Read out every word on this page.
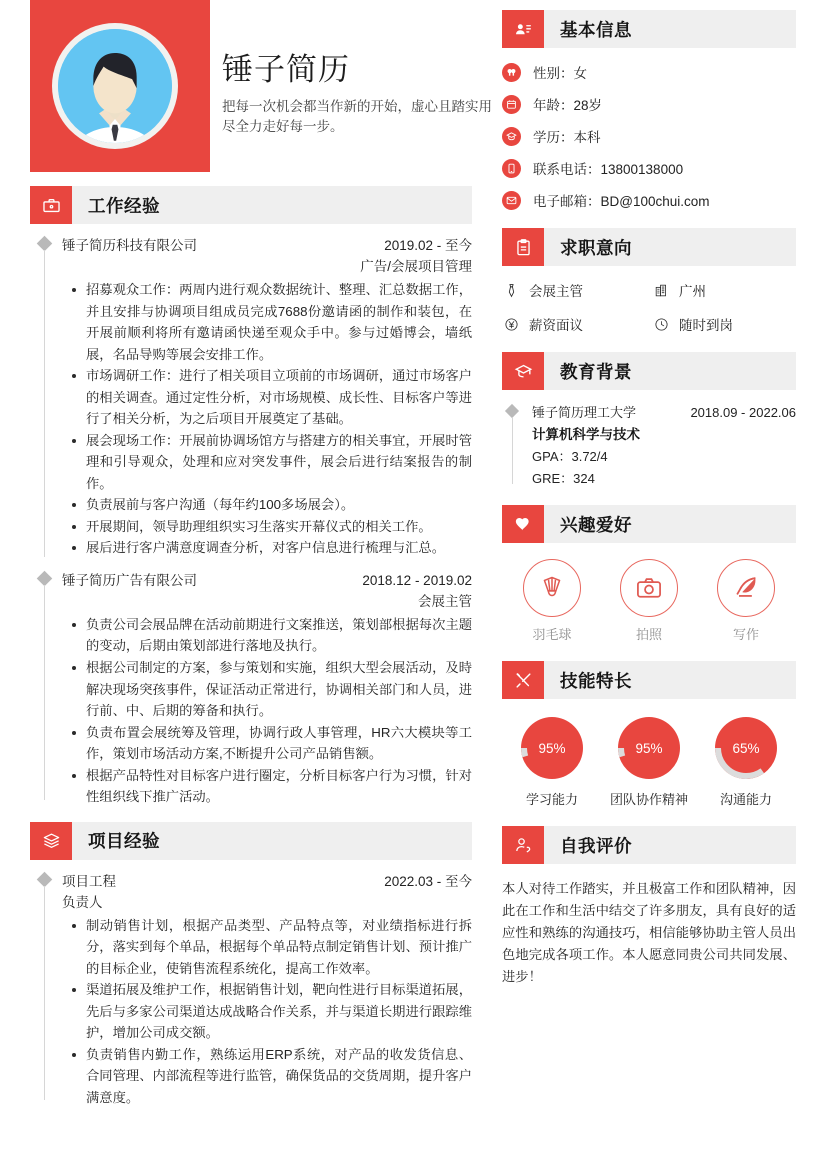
锤子简历
把每一次机会都当作新的开始，虚心且踏实用尽全力走好每一步。
工作经验
锤子简历科技有限公司	2019.02 - 至今
广告/会展项目管理
招募观众工作：两周内进行观众数据统计、整理、汇总数据工作，并且安排与协调项目组成员完成7688份邀请函的制作和装包，在开展前顺利将所有邀请函快递至观众手中。参与过婚博会，墙纸展，名品导购等展会安排工作。
市场调研工作：进行了相关项目立项前的市场调研，通过市场客户的相关调查。通过定性分析，对市场规模、成长性、目标客户等进行了相关分析，为之后项目开展奠定了基础。
展会现场工作：开展前协调场馆方与搭建方的相关事宜，开展时管理和引导观众，处理和应对突发事件，展会后进行结案报告的制作。
负责展前与客户沟通（每年约100多场展会）。
开展期间，领导助理组织实习生落实开幕仪式的相关工作。
展后进行客户满意度调查分析，对客户信息进行梳理与汇总。
锤子简历广告有限公司	2018.12 - 2019.02
会展主管
负责公司会展品牌在活动前期进行文案推送，策划部根据每次主题的变动，后期由策划部进行落地及执行。
根据公司制定的方案，参与策划和实施，组织大型会展活动，及時解决现场突孩事件，保证活动正常进行，协调相关部门和人员，进行前、中、后期的筹备和执行。
负责布置会展统筹及管理，协调行政人事管理，HR六大模块等工作，策划市场活动方案,不断提升公司产品销售额。
根据产品特性对目标客户进行圈定，分析目标客户行为习惯，针对性组织线下推广活动。
项目经验
项目工程	2022.03 - 至今
负责人
制动销售计划，根据产品类型、产品特点等，对业绩指标进行拆分，落实到每个单品，根据每个单品特点制定销售计划、预计推广的目标企业，使销售流程系统化，提高工作效率。
渠道拓展及维护工作，根据销售计划，靶向性进行目标渠道拓展，先后与多家公司渠道达成战略合作关系，并与渠道长期进行跟踪维护，增加公司成交额。
负责销售内勤工作，熟练运用ERP系统，对产品的收发货信息、合同管理、内部流程等进行监管，确保货品的交货周期，提升客户满意度。
基本信息
性别：女
年龄：28岁
学历：本科
联系电话：13800138000
电子邮箱：BD@100chui.com
求职意向
会展主管	广州
薪资面议	随时到岗
教育背景
锤子简历理工大学	2018.09 - 2022.06
计算机科学与技术
GPA：3.72/4
GRE：324
兴趣爱好
羽毛球	拍照	写作
技能特长
95%
学习能力
95%
团队协作精神
65%
沟通能力
自我评价
本人对待工作踏实，并且极富工作和团队精神，因此在工作和生活中结交了许多朋友，具有良好的适应性和熟练的沟通技巧，相信能够协助主管人员出色地完成各项工作。本人愿意同贵公司共同发展、进步！
